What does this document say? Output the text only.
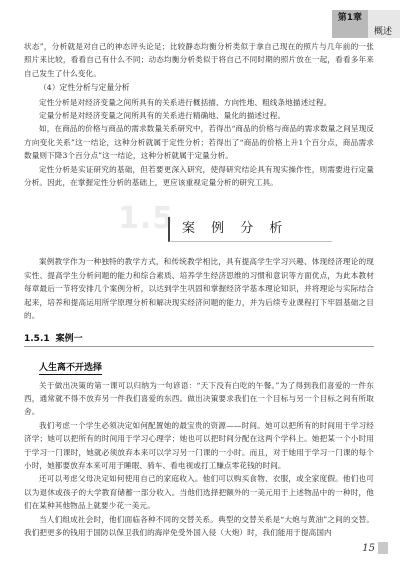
第1章
概述

状态”，分析就是对自己的神态评头论足；比较静态均衡分析类似于拿自己现在的照片与几年前的一张照片来比较，看看自己有什么不同；动态均衡分析类似于将自己不同时期的照片放在一起，看看多年来自己发生了什么变化。

（4）定性分析与定量分析

定性分析是对经济变量之间所具有的关系进行概括描、方向性地、粗线条地描述过程。

定量分析是对经济变量之间所具有的关系进行精确地、量化的描述过程。

如，在商品的价格与商品的需求数量关系研究中，若得出“商品的价格与商品的需求数量之间呈现反方向变化关系”这一结论，这种分析就属于定性分析；若得出了“商品的价格上升1个百分点，商品需求数量则下降3个百分点”这一结论，这种分析就属于定量分析。

定性分析是实证研究的基础，但若要更深入研究，使得研究结论具有现实操作性，则需要进行定量分析。因此，在掌握定性分析的基础上，更应该重视定量分析的研究工具。

1.5 案 例 分 析

案例教学作为一种独特的教学方式，和传统教学相比，具有提高学生学习兴趣、体现经济理论的现实性、提高学生分析问题的能力和综合素质、培养学生经济思维的习惯和意识等方面优点，为此本教材每章最后一节将安排几个案例分析，以达到学生巩固和掌握经济学基本理论知识，并将理论与实际结合起来，培养和提高运用所学原理分析和解决现实经济问题的能力，并为后续专业课程打下牢固基础之目的。

1.5.1 案例一
人生离不开选择

关于做出决策的第一课可以归纳为一句谚语：“天下没有白吃的午餐。”为了得到我们喜爱的一件东西，通常就不得不放弃另一件我们喜爱的东西。做出决策要求我们在一个目标与另一个目标之间有所取舍。

我们考虑一个学生必须决定如何配置她的最宝贵的资源——时间。她可以把所有的时间用于学习经济学；她可以把所有的时间用于学习心理学；她也可以把时间分配在这两个学科上。她把某一个小时用于学习一门课时，她就必须放弃本来可以学习另一门课的一小时。而且，对于她用于学习一门课的每个小时，她都要放弃本来可用于睡眠、骑车、看电视或打工赚点零花钱的时间。

还可以考虑父母决定如何使用自己的家庭收入。他们可以购买食物、衣服，或全家度假。他们也可以为退休或孩子的大学教育储蓄一部分收入。当他们选择把额外的一美元用于上述物品中的一种时，他们在某种其他物品上就要少花一美元。

当人们组成社会时，他们面临各种不同的交替关系。典型的交替关系是“大炮与黄油”之间的交替。我们把更多的钱用于国防以保卫我们的海岸免受外国入侵（大炮）时，我们能用于提高国内

15
